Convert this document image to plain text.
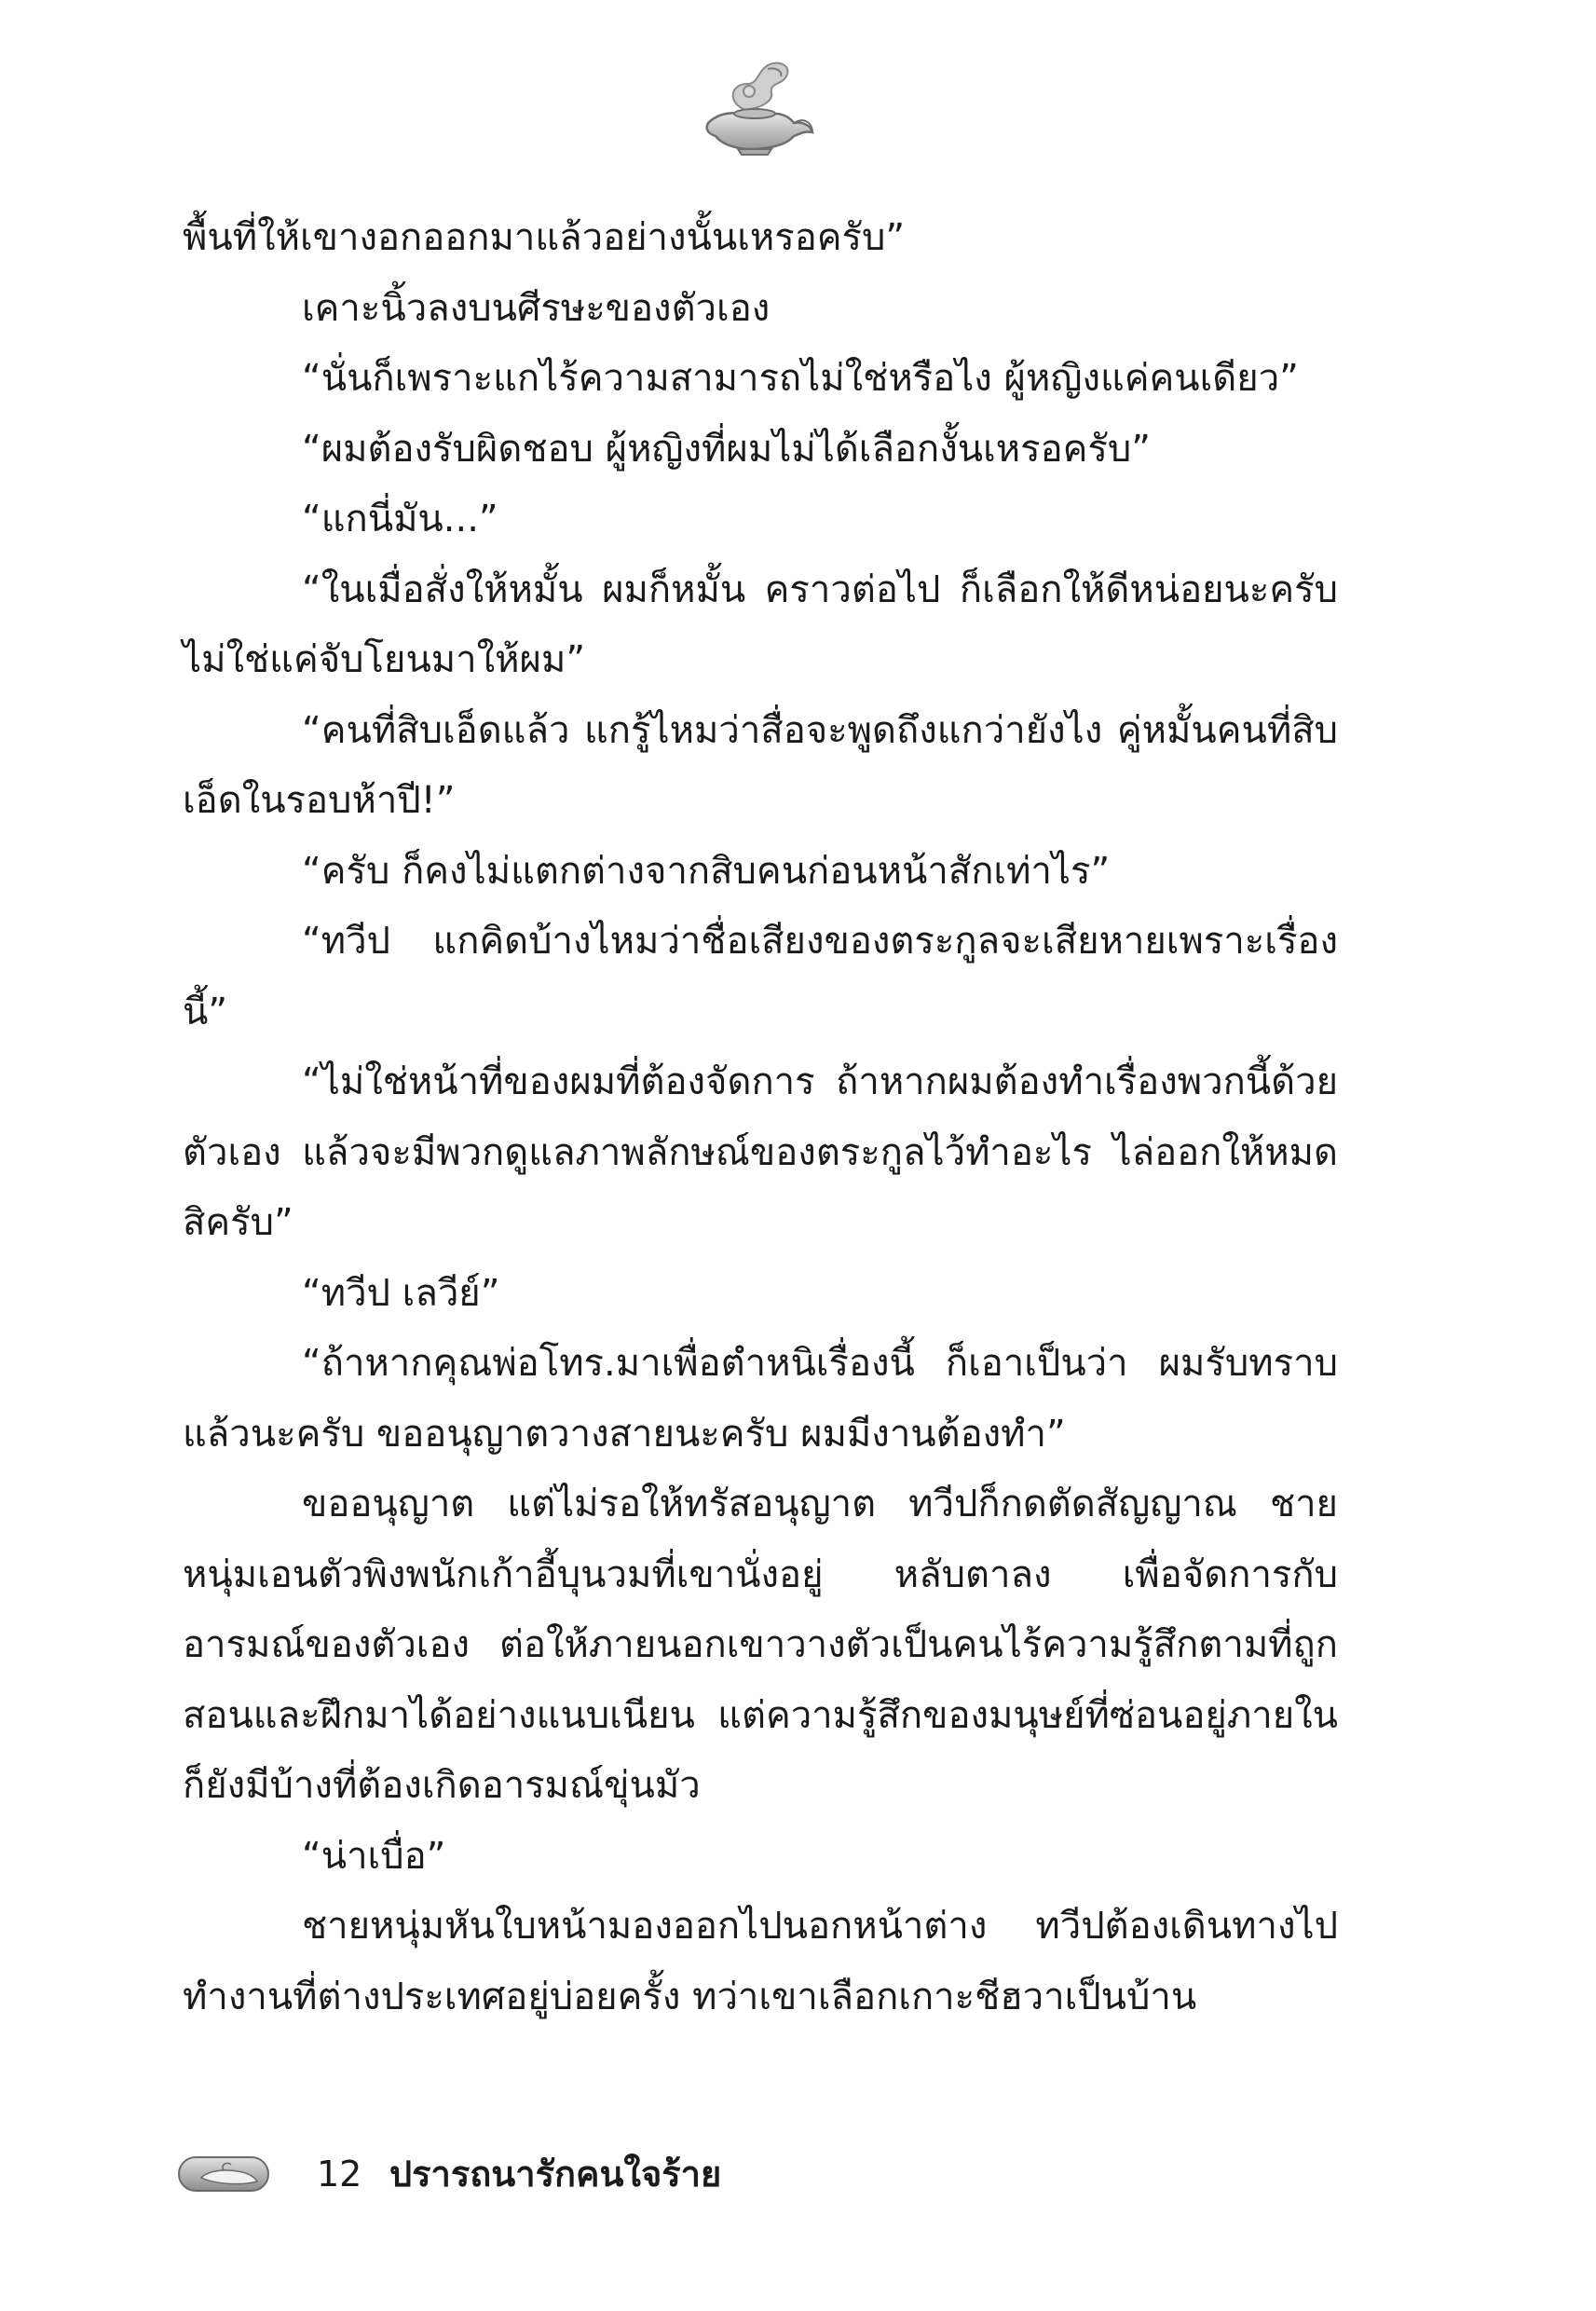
พื้นที่ให้เขางอกออกมาแล้วอย่างนั้นเหรอครับ”

เคาะนิ้วลงบนศีรษะของตัวเอง

“นั่นก็เพราะแกไร้ความสามารถไม่ใช่หรือไง ผู้หญิงแค่คนเดียว”

“ผมต้องรับผิดชอบ ผู้หญิงที่ผมไม่ได้เลือกงั้นเหรอครับ”

“แกนี่มัน...”

“ในเมื่อสั่งให้หมั้น ผมก็หมั้น คราวต่อไป ก็เลือกให้ดีหน่อยนะครับ ไม่ใช่แค่จับโยนมาให้ผม”

“คนที่สิบเอ็ดแล้ว แกรู้ไหมว่าสื่อจะพูดถึงแกว่ายังไง คู่หมั้นคนที่สิบเอ็ดในรอบห้าปี!”

“ครับ ก็คงไม่แตกต่างจากสิบคนก่อนหน้าสักเท่าไร”

“ทวีป แกคิดบ้างไหมว่าชื่อเสียงของตระกูลจะเสียหายเพราะเรื่องนี้”

“ไม่ใช่หน้าที่ของผมที่ต้องจัดการ ถ้าหากผมต้องทำเรื่องพวกนี้ด้วยตัวเอง แล้วจะมีพวกดูแลภาพลักษณ์ของตระกูลไว้ทำอะไร ไล่ออกให้หมดสิครับ”

“ทวีป เลวีย์”

“ถ้าหากคุณพ่อโทร.มาเพื่อตำหนิเรื่องนี้ ก็เอาเป็นว่า ผมรับทราบแล้วนะครับ ขออนุญาตวางสายนะครับ ผมมีงานต้องทำ”

ขออนุญาต แต่ไม่รอให้ทรัสอนุญาต ทวีปก็กดตัดสัญญาณ ชายหนุ่มเอนตัวพิงพนักเก้าอี้บุนวมที่เขานั่งอยู่ หลับตาลง เพื่อจัดการกับอารมณ์ของตัวเอง ต่อให้ภายนอกเขาวางตัวเป็นคนไร้ความรู้สึกตามที่ถูกสอนและฝึกมาได้อย่างแนบเนียน แต่ความรู้สึกของมนุษย์ที่ซ่อนอยู่ภายใน ก็ยังมีบ้างที่ต้องเกิดอารมณ์ขุ่นมัว

“น่าเบื่อ”

ชายหนุ่มหันใบหน้ามองออกไปนอกหน้าต่าง ทวีปต้องเดินทางไปทำงานที่ต่างประเทศอยู่บ่อยครั้ง ทว่าเขาเลือกเกาะชีฮวาเป็นบ้าน

12 ปรารถนารักคนใจร้าย
